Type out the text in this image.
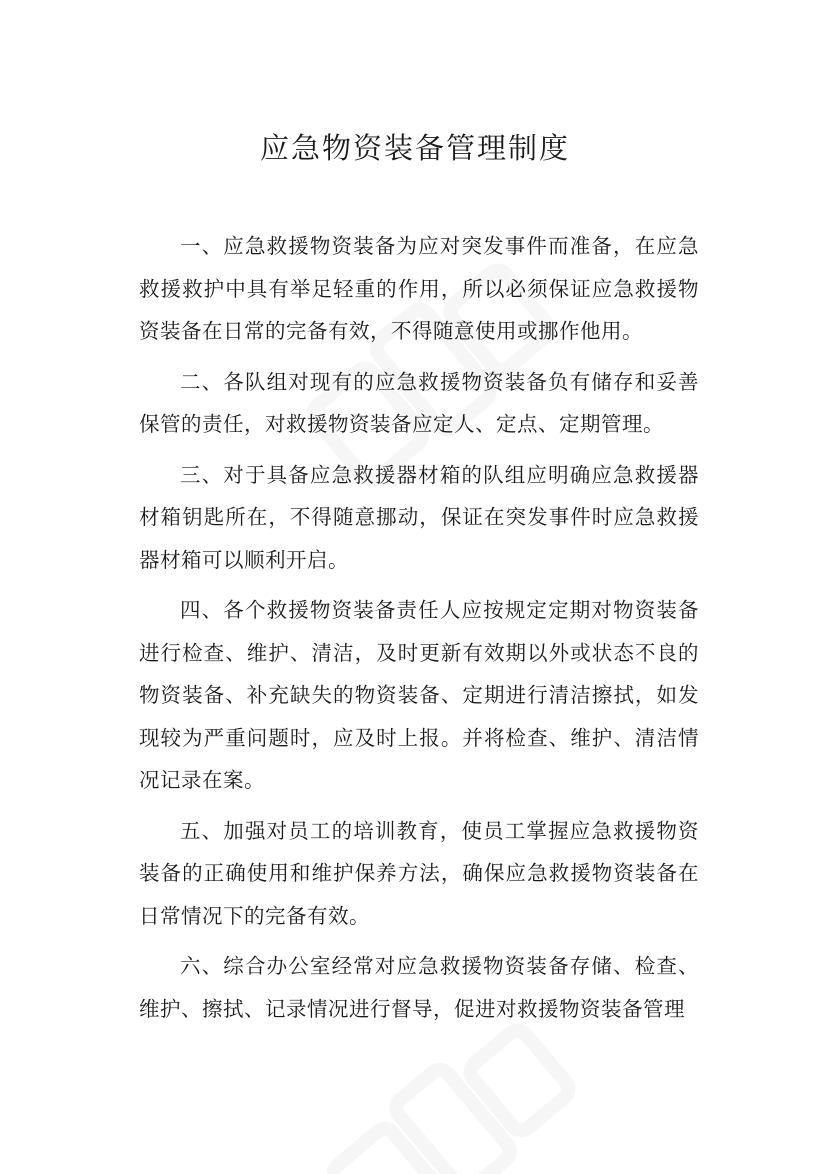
应急物资装备管理制度

一、应急救援物资装备为应对突发事件而准备，在应急救援救护中具有举足轻重的作用，所以必须保证应急救援物资装备在日常的完备有效，不得随意使用或挪作他用。

二、各队组对现有的应急救援物资装备负有储存和妥善保管的责任，对救援物资装备应定人、定点、定期管理。

三、对于具备应急救援器材箱的队组应明确应急救援器材箱钥匙所在，不得随意挪动，保证在突发事件时应急救援器材箱可以顺利开启。

四、各个救援物资装备责任人应按规定定期对物资装备进行检查、维护、清洁，及时更新有效期以外或状态不良的物资装备、补充缺失的物资装备、定期进行清洁擦拭，如发现较为严重问题时，应及时上报。并将检查、维护、清洁情况记录在案。

五、加强对员工的培训教育，使员工掌握应急救援物资装备的正确使用和维护保养方法，确保应急救援物资装备在日常情况下的完备有效。

六、综合办公室经常对应急救援物资装备存储、检查、维护、擦拭、记录情况进行督导，促进对救援物资装备管理
